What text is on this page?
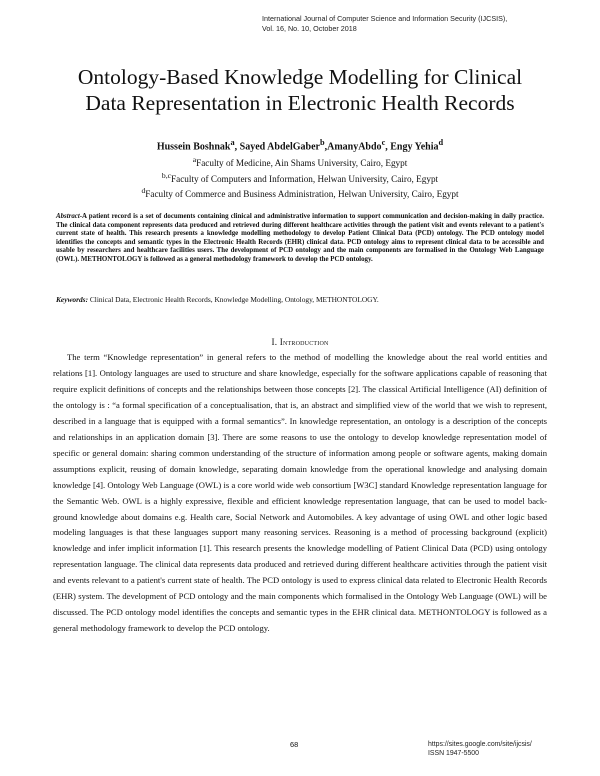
International Journal of Computer Science and Information Security (IJCSIS),
Vol. 16, No. 10, October 2018
Ontology-Based Knowledge Modelling for Clinical
Data Representation in Electronic Health Records
Hussein Boshnak$^a$, Sayed AbdelGaber$^b$,AmanyAbdo$^c$, Engy Yehia$^d$
$^a$Faculty of Medicine, Ain Shams University, Cairo, Egypt
$^{b,c}$Faculty of Computers and Information, Helwan University, Cairo, Egypt
$^d$Faculty of Commerce and Business Administration, Helwan University, Cairo, Egypt
Abstract-A patient record is a set of documents containing clinical and administrative information to support communication and decision-making in daily practice. The clinical data component represents data produced and retrieved during different healthcare activities through the patient visit and events relevant to a patient's current state of health. This research presents a knowledge modelling methodology to develop Patient Clinical Data (PCD) ontology. The PCD ontology model identifies the concepts and semantic types in the Electronic Health Records (EHR) clinical data. PCD ontology aims to represent clinical data to be accessible and usable by researchers and healthcare facilities users. The development of PCD ontology and the main components are formalised in the Ontology Web Language (OWL). METHONTOLOGY is followed as a general methodology framework to develop the PCD ontology.
Keywords: Clinical Data, Electronic Health Records, Knowledge Modelling, Ontology, METHONTOLOGY.
I. Introduction
The term “Knowledge representation” in general refers to the method of modelling the knowledge about the real world entities and relations [1]. Ontology languages are used to structure and share knowledge, especially for the software applications capable of reasoning that require explicit definitions of concepts and the relationships between those concepts [2]. The classical Artificial Intelligence (AI) definition of the ontology is : “a formal specification of a conceptualisation, that is, an abstract and simplified view of the world that we wish to represent, described in a language that is equipped with a formal semantics”. In knowledge representation, an ontology is a description of the concepts and relationships in an application domain [3]. There are some reasons to use the ontology to develop knowledge representation model of specific or general domain: sharing common understanding of the structure of information among people or software agents, making domain assumptions explicit, reusing of domain knowledge, separating domain knowledge from the operational knowledge and analysing domain knowledge [4]. Ontology Web Language (OWL) is a core world wide web consortium [W3C] standard Knowledge representation language for the Semantic Web. OWL is a highly expressive, flexible and efficient knowledge representation language, that can be used to model back-ground knowledge about domains e.g. Health care, Social Network and Automobiles. A key advantage of using OWL and other logic based modeling languages is that these languages support many reasoning services. Reasoning is a method of processing background (explicit) knowledge and infer implicit information [1]. This research presents the knowledge modelling of Patient Clinical Data (PCD) using ontology representation language. The clinical data represents data produced and retrieved during different healthcare activities through the patient visit and events relevant to a patient's current state of health. The PCD ontology is used to express clinical data related to Electronic Health Records (EHR) system. The development of PCD ontology and the main components which formalised in the Ontology Web Language (OWL) will be discussed. The PCD ontology model identifies the concepts and semantic types in the EHR clinical data. METHONTOLOGY is followed as a general methodology framework to develop the PCD ontology.
68	https://sites.google.com/site/ijcsis/
ISSN 1947-5500
